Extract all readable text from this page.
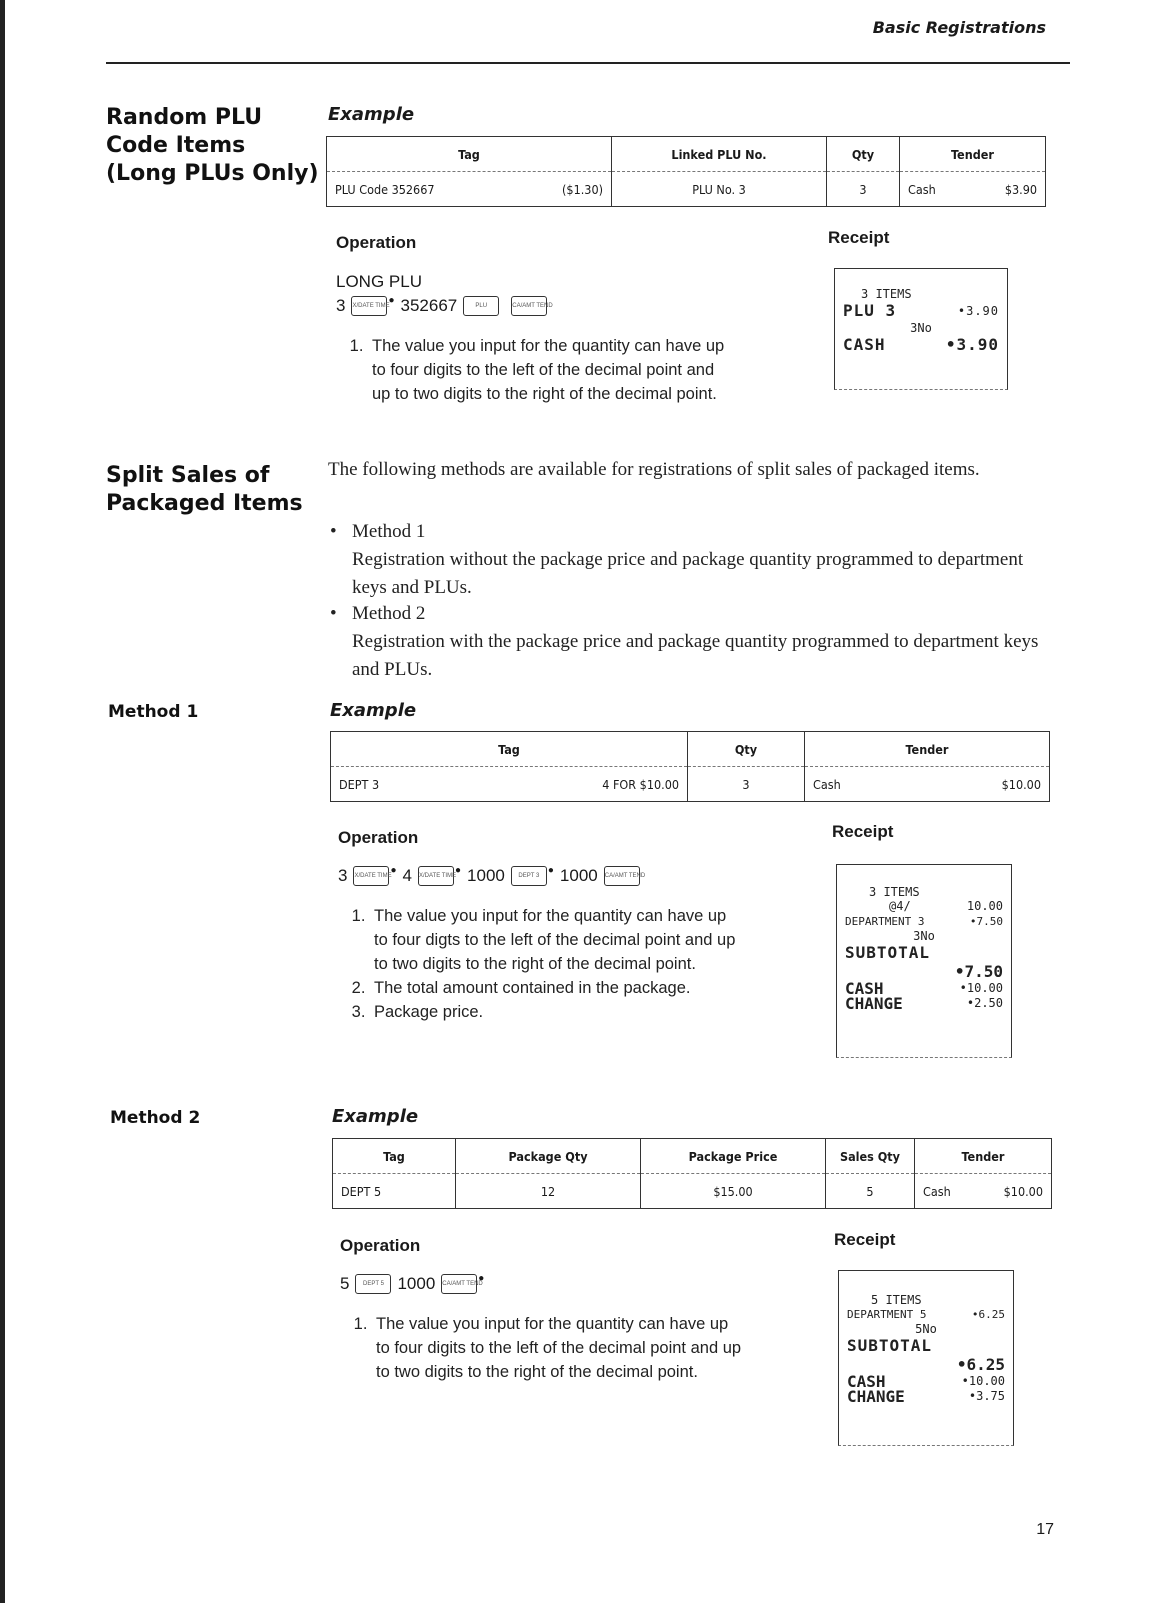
Basic Registrations
Random PLU
Code Items
(Long PLUs Only)
Example
Tag	Linked PLU No.	Qty	Tender

PLU Code 352667 ($1.30)	PLU No. 3	3	Cash $3.90
Operation
LONG PLU
3 X/DATE TIME
● 352667	PLU	CA/AMT TEND
1. The value you input for the quantity can have up to four digits to the left of the decimal point and up to two digits to the right of the decimal point.
Receipt
3 ITEMS
PLU 3	•3.90
3No
CASH	•3.90
Split Sales of
Packaged Items
The following methods are available for registrations of split sales of packaged items.
• Method 1
Registration without the package price and package quantity programmed to department keys and PLUs.
• Method 2
Registration with the package price and package quantity programmed to department keys and PLUs.
Method 1	Example
Tag	Qty	Tender

DEPT 3 4 FOR $10.00	3	Cash $10.00
Operation
3 X/DATE TIME
● 4 X/DATE TIME
● 1000	DEPT 3
● 1000 CA/AMT TEND
1. The value you input for the quantity can have up to four digts to the left of the decimal point and up to two digits to the right of the decimal point.
2. The total amount contained in the package.
3. Package price.
Receipt
3 ITEMS
@4/	10.00
DEPARTMENT 3	•7.50
3No
SUBTOTAL
•7.50
CASH	•10.00
CHANGE	•2.50
Method 2	Example
Tag	Package Qty	Package Price	Sales Qty	Tender
DEPT 5	12	$15.00	5	Cash $10.00
Operation
5	DEPT 5 1000 CA/AMT TEND
●
1. The value you input for the quantity can have up to four digits to the left of the decimal point and up to two digits to the right of the decimal point.
Receipt
5 ITEMS
DEPARTMENT 5	•6.25
5No
SUBTOTAL
•6.25
CASH	•10.00
CHANGE	•3.75
17
